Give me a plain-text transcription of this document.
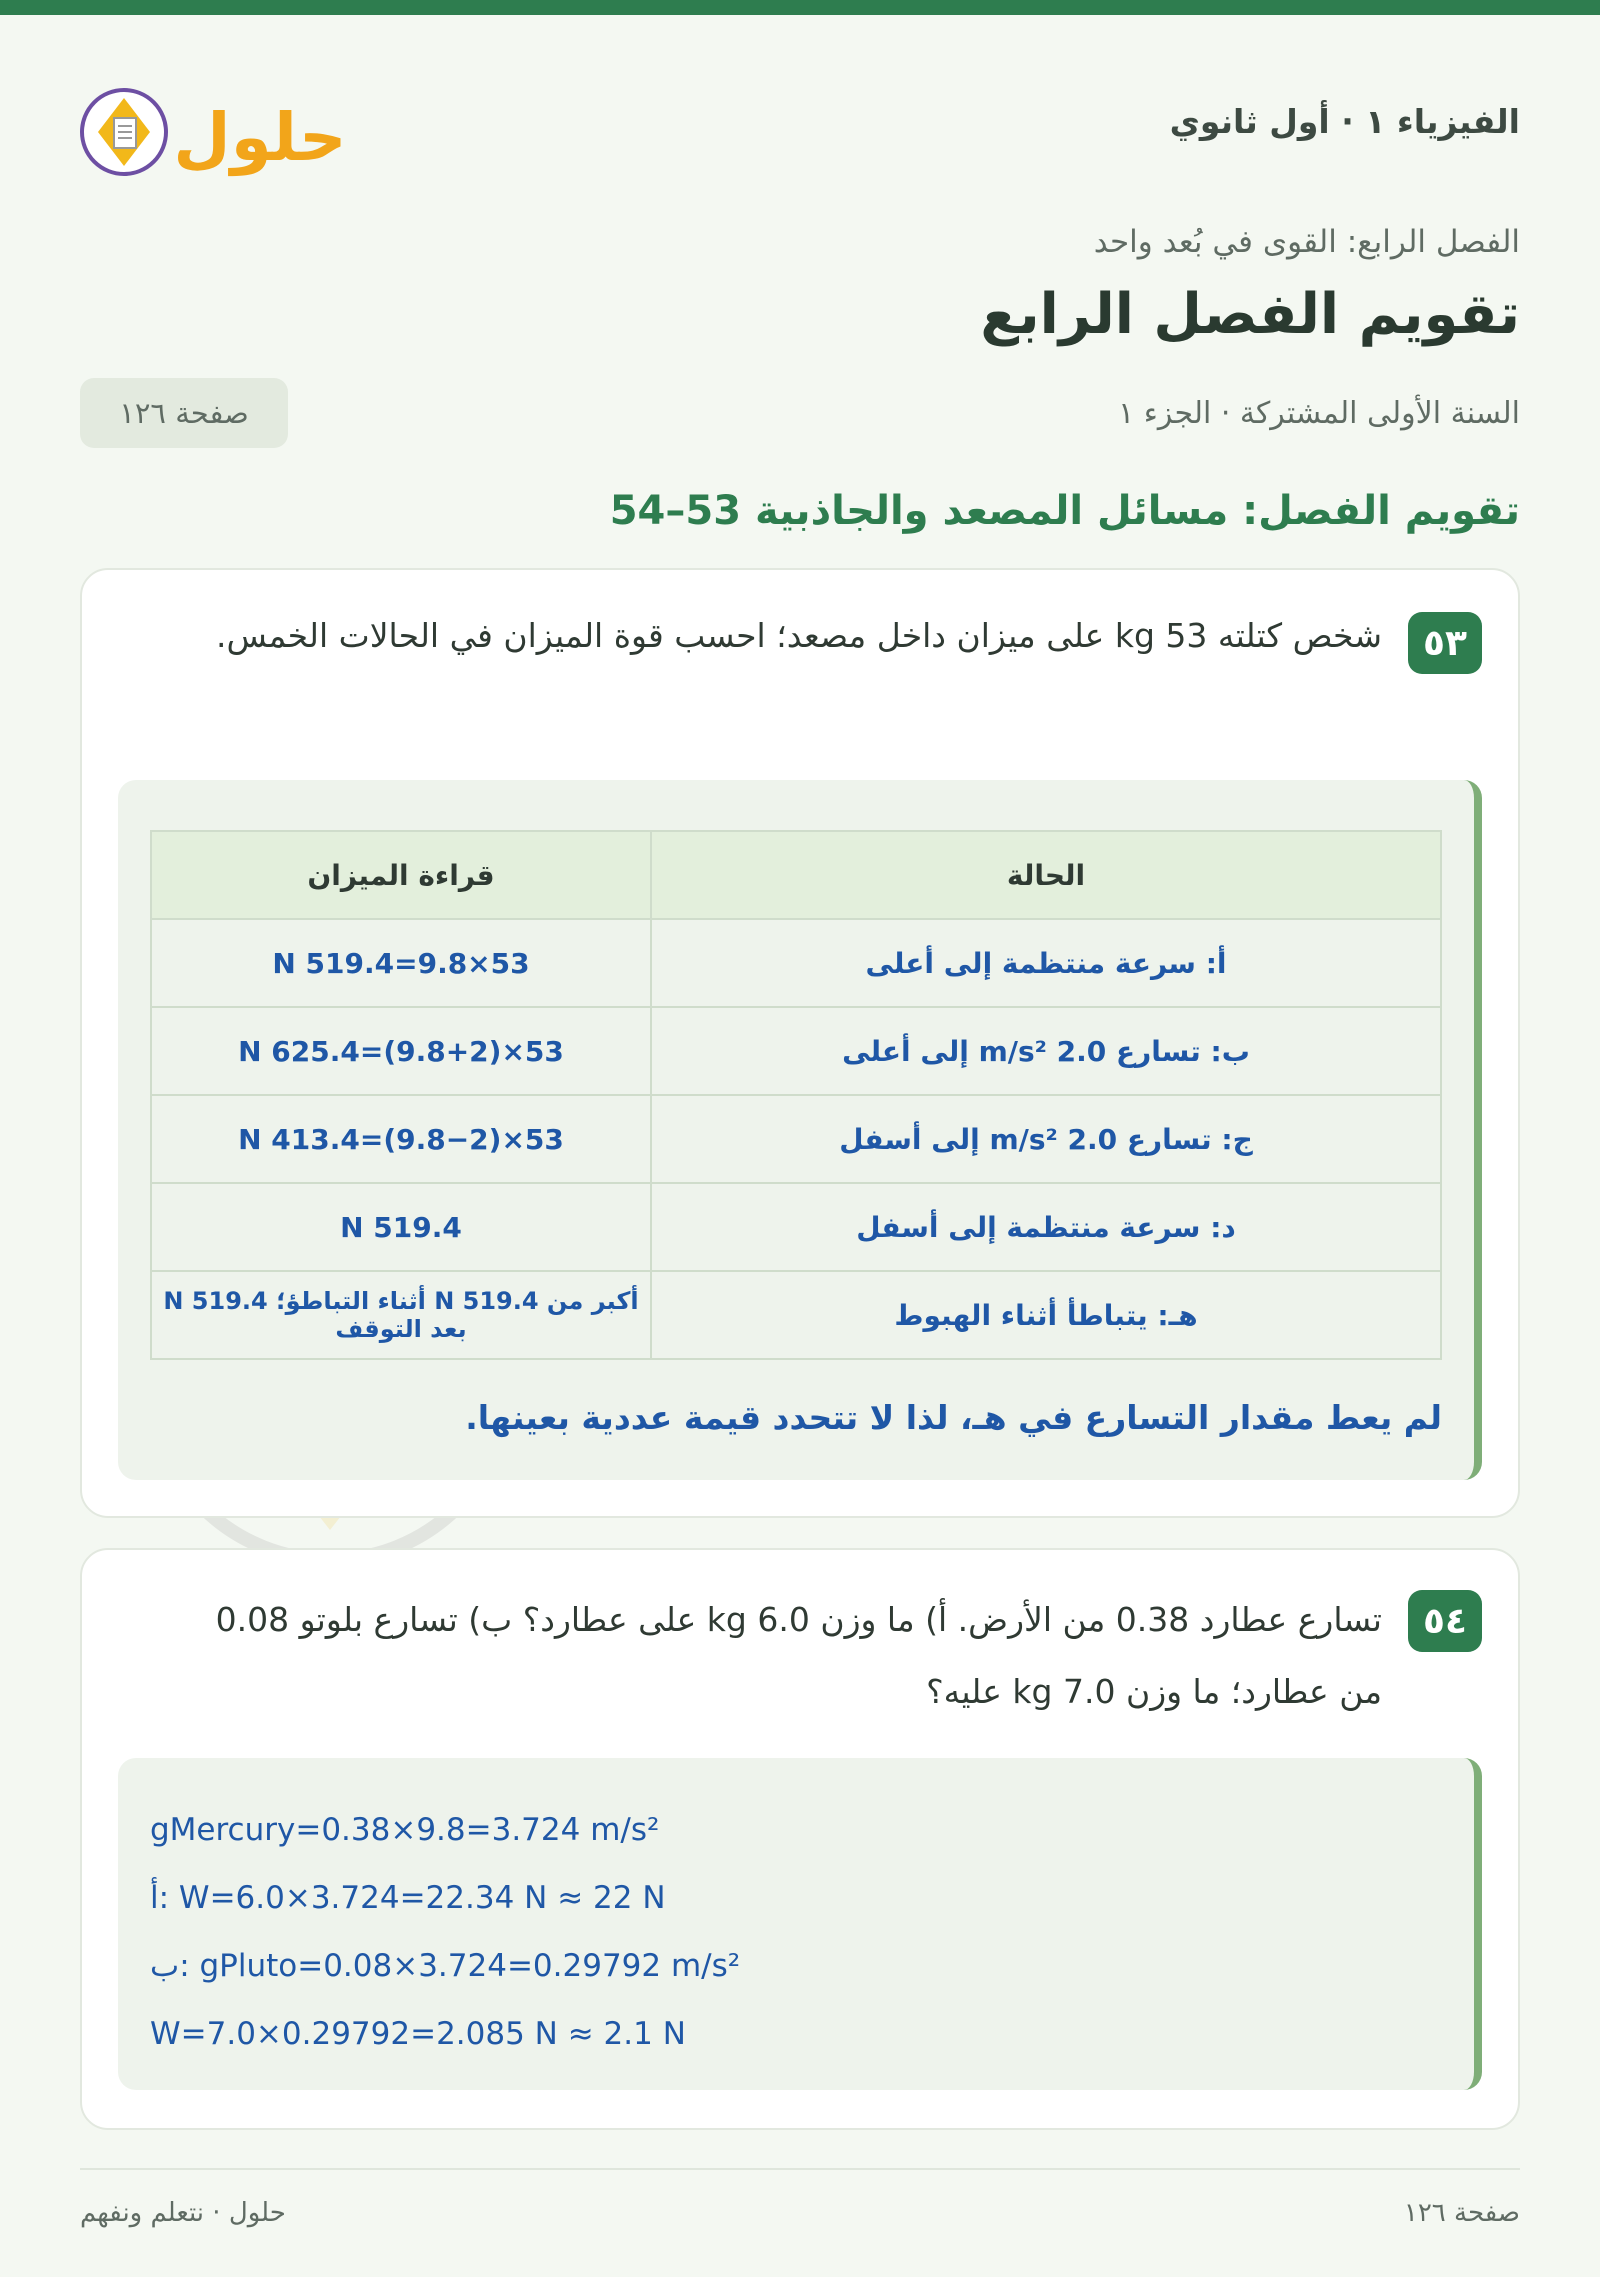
الفيزياء ١ · أول ثانوي
حلول
الفصل الرابع: القوى في بُعد واحد
تقويم الفصل الرابع
السنة الأولى المشتركة · الجزء ١
صفحة ١٢٦
تقويم الفصل: مسائل المصعد والجاذبية 53–54
٥٣
شخص كتلته 53 kg على ميزان داخل مصعد؛ احسب قوة الميزان في الحالات الخمس.
الحالة	قراءة الميزان
أ: سرعة منتظمة إلى أعلى	N 519.4=9.8×53
ب: تسارع m/s² 2.0 إلى أعلى	N 625.4=(9.8+2)×53
ج: تسارع m/s² 2.0 إلى أسفل	N 413.4=(9.8−2)×53
د: سرعة منتظمة إلى أسفل	N 519.4
هـ: يتباطأ أثناء الهبوط	أكبر من N 519.4 أثناء التباطؤ؛ N 519.4 بعد التوقف
لم يعط مقدار التسارع في هـ، لذا لا تتحدد قيمة عددية بعينها.
٥٤
تسارع عطارد 0.38 من الأرض. أ) ما وزن 6.0 kg على عطارد؟ ب) تسارع بلوتو 0.08 من عطارد؛ ما وزن 7.0 kg عليه؟
gMercury=0.38×9.8=3.724 m/s²
أ: W=6.0×3.724=22.34 N ≈ 22 N
ب: gPluto=0.08×3.724=0.29792 m/s²
W=7.0×0.29792=2.085 N ≈ 2.1 N
صفحة ١٢٦
حلول · نتعلم ونفهم
